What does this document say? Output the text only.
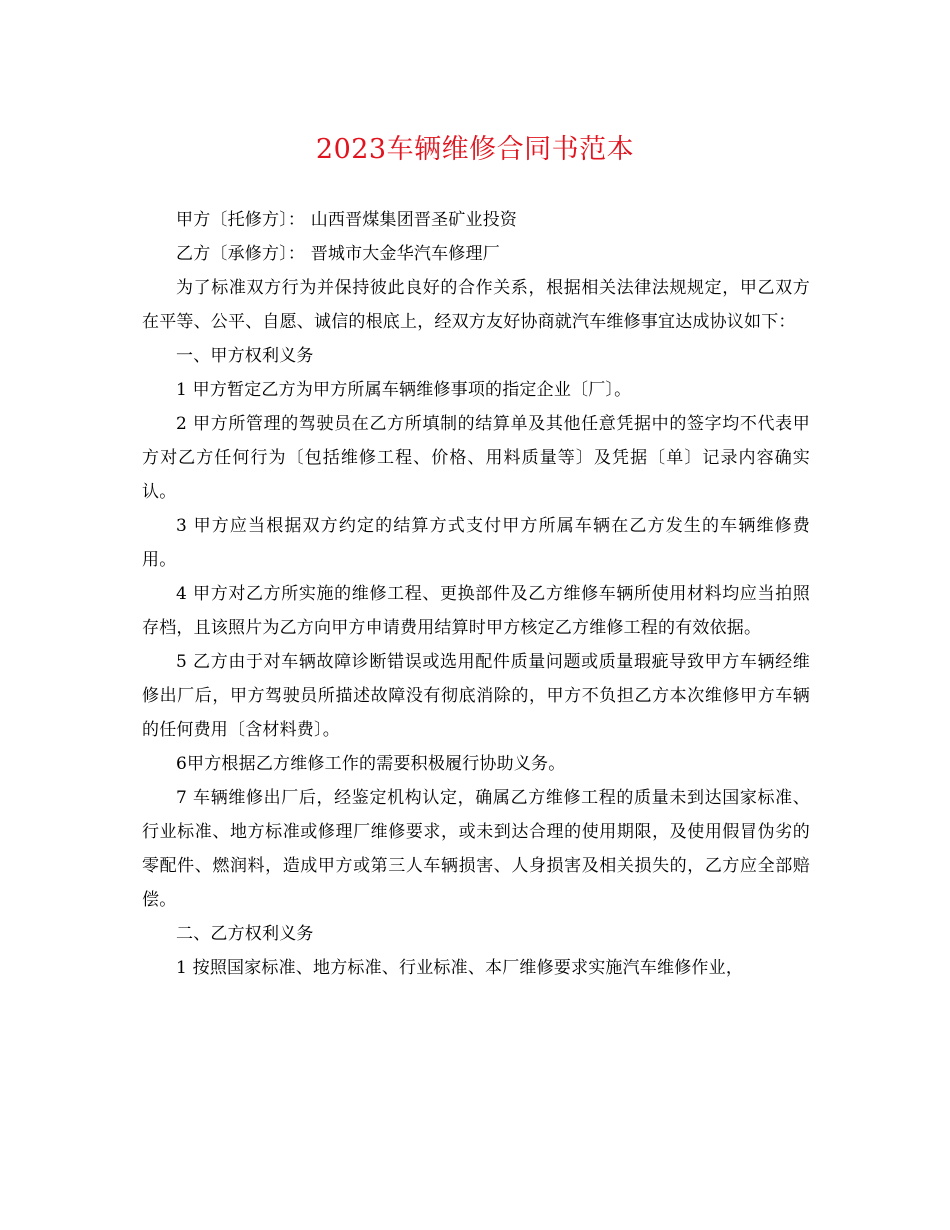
2023车辆维修合同书范本

甲方〔托修方〕： 山西晋煤集团晋圣矿业投资

乙方〔承修方〕： 晋城市大金华汽车修理厂

为了标准双方行为并保持彼此良好的合作关系，根据相关法律法规规定，甲乙双方在平等、公平、自愿、诚信的根底上，经双方友好协商就汽车维修事宜达成协议如下：

一、甲方权利义务

1 甲方暂定乙方为甲方所属车辆维修事项的指定企业〔厂〕。

2 甲方所管理的驾驶员在乙方所填制的结算单及其他任意凭据中的签字均不代表甲方对乙方任何行为〔包括维修工程、价格、用料质量等〕及凭据〔单〕记录内容确实认。

3 甲方应当根据双方约定的结算方式支付甲方所属车辆在乙方发生的车辆维修费用。

4 甲方对乙方所实施的维修工程、更换部件及乙方维修车辆所使用材料均应当拍照存档，且该照片为乙方向甲方申请费用结算时甲方核定乙方维修工程的有效依据。

5 乙方由于对车辆故障诊断错误或选用配件质量问题或质量瑕疵导致甲方车辆经维修出厂后，甲方驾驶员所描述故障没有彻底消除的，甲方不负担乙方本次维修甲方车辆的任何费用〔含材料费〕。

6甲方根据乙方维修工作的需要积极履行协助义务。

7 车辆维修出厂后，经鉴定机构认定，确属乙方维修工程的质量未到达国家标准、行业标准、地方标准或修理厂维修要求，或未到达合理的使用期限，及使用假冒伪劣的零配件、燃润料，造成甲方或第三人车辆损害、人身损害及相关损失的，乙方应全部赔偿。

二、乙方权利义务

1 按照国家标准、地方标准、行业标准、本厂维修要求实施汽车维修作业，
